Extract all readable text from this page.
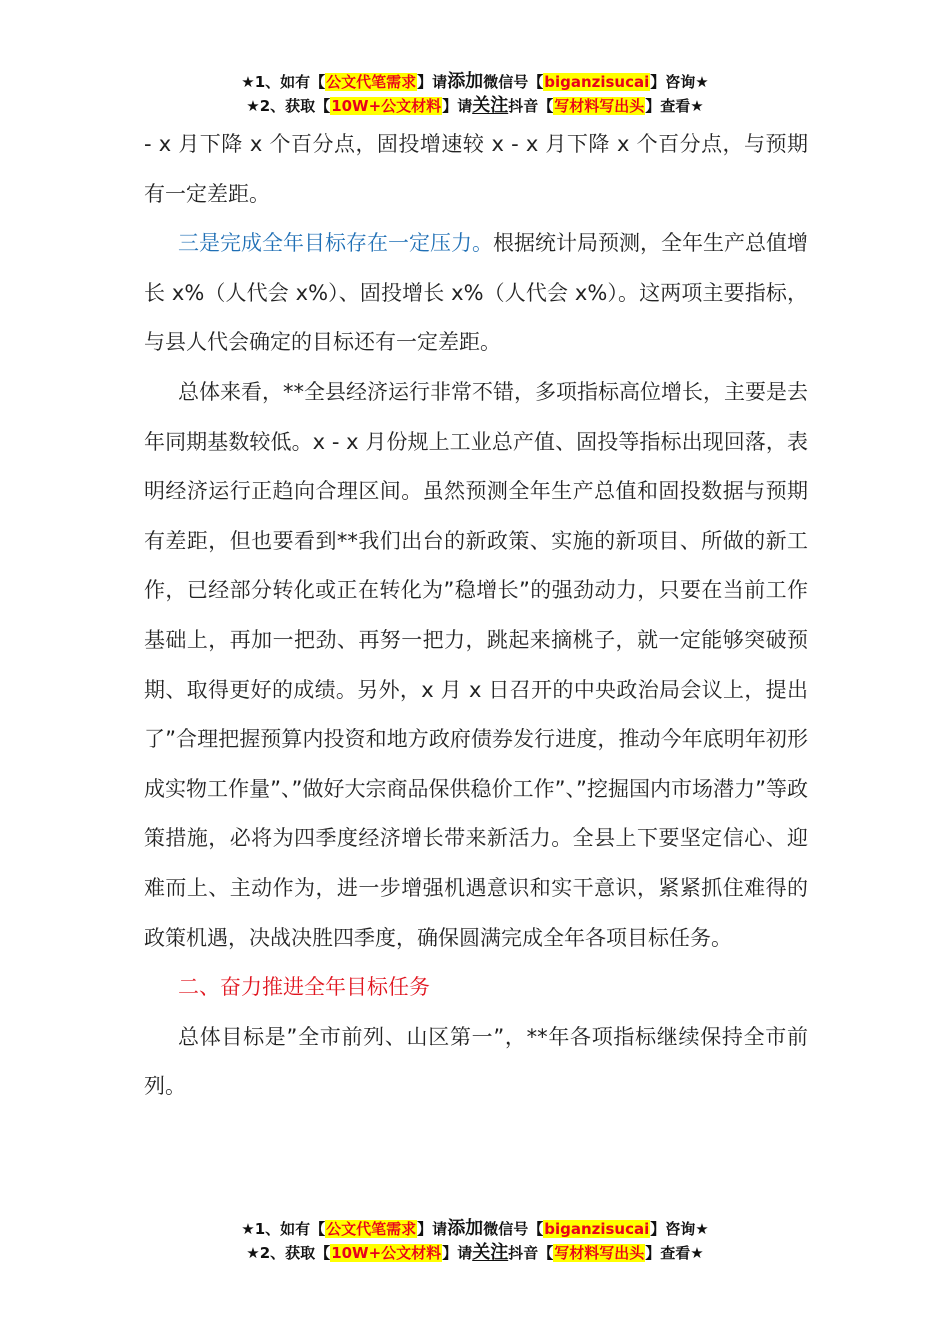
★1、如有【公文代笔需求】请添加微信号【biganzisucai】咨询★
★2、获取【10W+公文材料】请关注抖音【写材料写出头】查看★

- x 月下降 x 个百分点，固投增速较 x - x 月下降 x 个百分点，与预期有一定差距。

三是完成全年目标存在一定压力。根据统计局预测，全年生产总值增长 x%（人代会 x%）、固投增长 x%（人代会 x%）。这两项主要指标，与县人代会确定的目标还有一定差距。

总体来看，**全县经济运行非常不错，多项指标高位增长，主要是去年同期基数较低。x - x 月份规上工业总产值、固投等指标出现回落，表明经济运行正趋向合理区间。虽然预测全年生产总值和固投数据与预期有差距，但也要看到**我们出台的新政策、实施的新项目、所做的新工作，已经部分转化或正在转化为”稳增长”的强劲动力，只要在当前工作基础上，再加一把劲、再努一把力，跳起来摘桃子，就一定能够突破预期、取得更好的成绩。另外，x 月 x 日召开的中央政治局会议上，提出了”合理把握预算内投资和地方政府债券发行进度，推动今年底明年初形成实物工作量”、”做好大宗商品保供稳价工作”、”挖掘国内市场潜力”等政策措施，必将为四季度经济增长带来新活力。全县上下要坚定信心、迎难而上、主动作为，进一步增强机遇意识和实干意识，紧紧抓住难得的政策机遇，决战决胜四季度，确保圆满完成全年各项目标任务。

二、奋力推进全年目标任务

总体目标是”全市前列、山区第一”，**年各项指标继续保持全市前列。

★1、如有【公文代笔需求】请添加微信号【biganzisucai】咨询★
★2、获取【10W+公文材料】请关注抖音【写材料写出头】查看★
